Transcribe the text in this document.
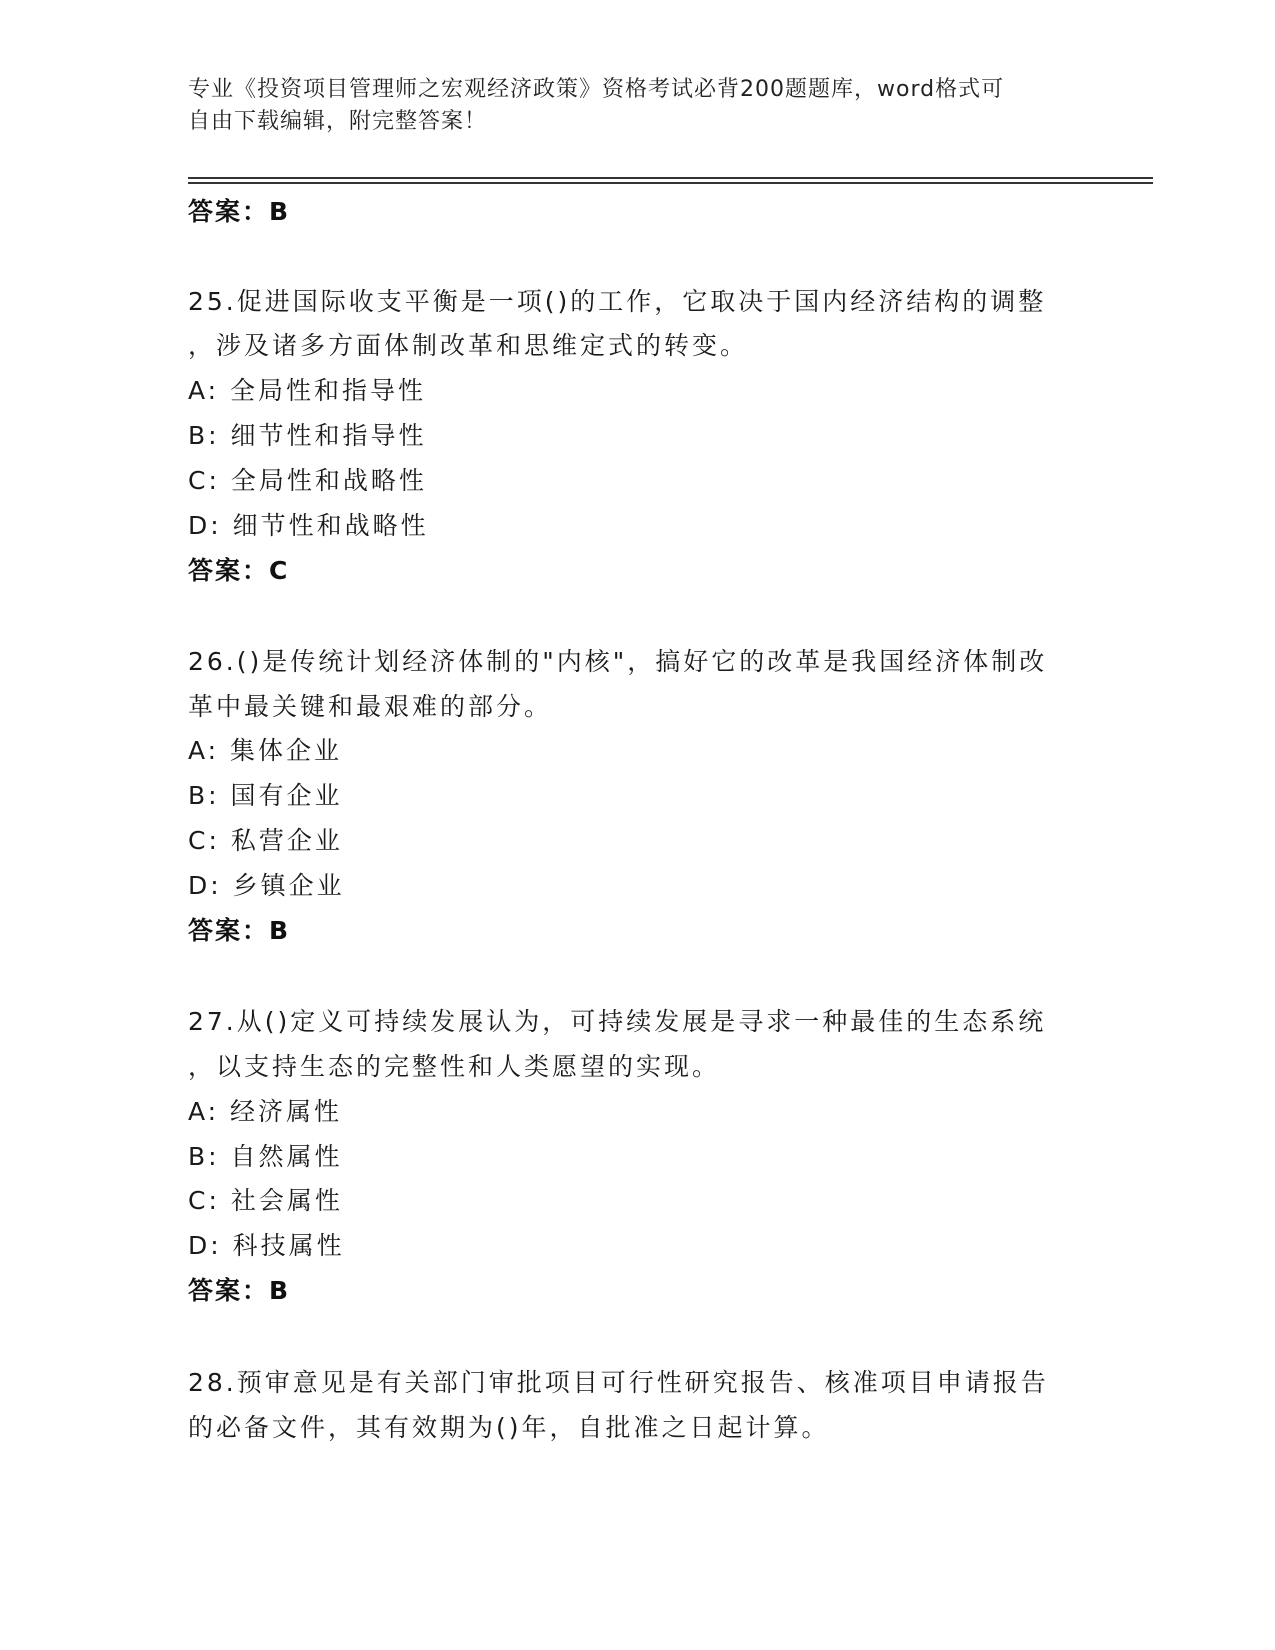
专业《投资项目管理师之宏观经济政策》资格考试必背200题题库，word格式可
自由下载编辑，附完整答案！
答案：B
25.促进国际收支平衡是一项()的工作，它取决于国内经济结构的调整
，涉及诸多方面体制改革和思维定式的转变。
A: 全局性和指导性
B: 细节性和指导性
C: 全局性和战略性
D: 细节性和战略性
答案：C
26.()是传统计划经济体制的"内核"，搞好它的改革是我国经济体制改
革中最关键和最艰难的部分。
A: 集体企业
B: 国有企业
C: 私营企业
D: 乡镇企业
答案：B
27.从()定义可持续发展认为，可持续发展是寻求一种最佳的生态系统
，以支持生态的完整性和人类愿望的实现。
A: 经济属性
B: 自然属性
C: 社会属性
D: 科技属性
答案：B
28.预审意见是有关部门审批项目可行性研究报告、核准项目申请报告
的必备文件，其有效期为()年，自批准之日起计算。
